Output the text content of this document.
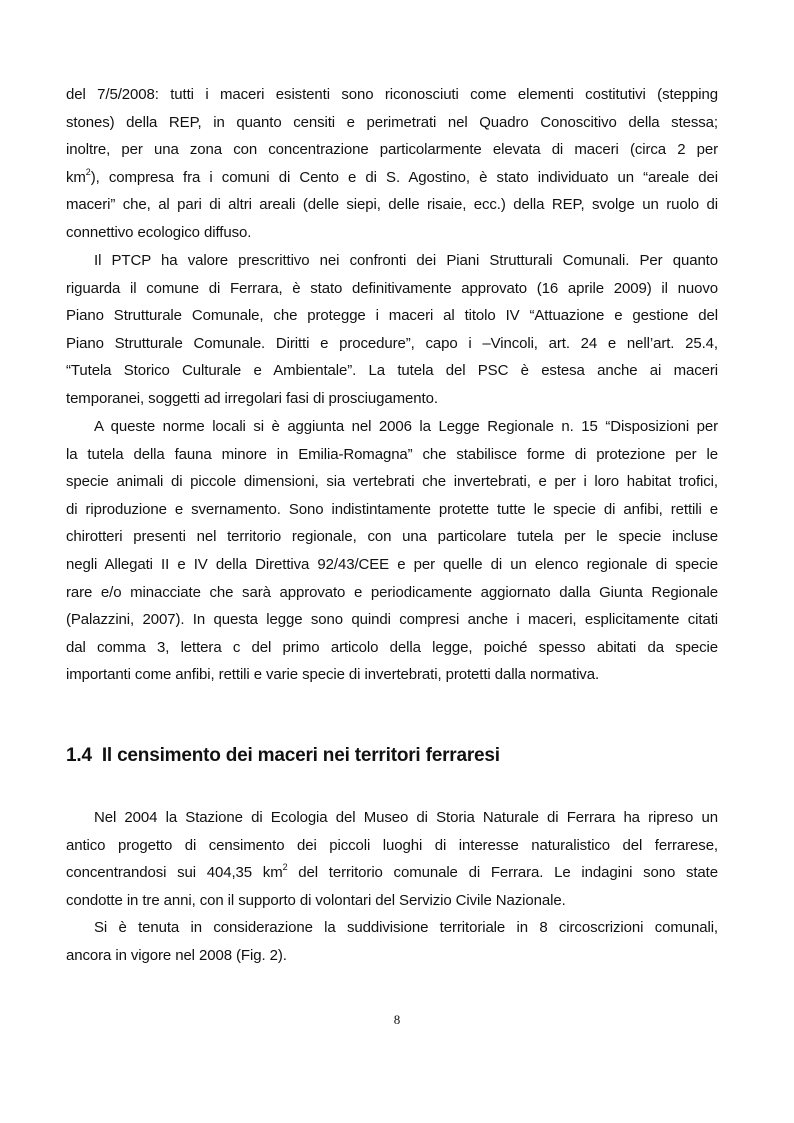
del 7/5/2008: tutti i maceri esistenti sono riconosciuti come elementi costitutivi (stepping
stones) della REP, in quanto censiti e perimetrati nel Quadro Conoscitivo della stessa;
inoltre, per una zona con concentrazione particolarmente elevata di maceri (circa 2 per
$km^2$), compresa fra i comuni di Cento e di S. Agostino, è stato individuato un “areale dei
maceri” che, al pari di altri areali (delle siepi, delle risaie, ecc.) della REP, svolge un ruolo di
connettivo ecologico diffuso.

Il PTCP ha valore prescrittivo nei confronti dei Piani Strutturali Comunali. Per quanto
riguarda il comune di Ferrara, è stato definitivamente approvato (16 aprile 2009) il nuovo
Piano Strutturale Comunale, che protegge i maceri al titolo IV “Attuazione e gestione del
Piano Strutturale Comunale. Diritti e procedure”, capo i –Vincoli, art. 24 e nell’art. 25.4,
“Tutela Storico Culturale e Ambientale”. La tutela del PSC è estesa anche ai maceri
temporanei, soggetti ad irregolari fasi di prosciugamento.

A queste norme locali si è aggiunta nel 2006 la Legge Regionale n. 15 “Disposizioni per
la tutela della fauna minore in Emilia-Romagna” che stabilisce forme di protezione per le
specie animali di piccole dimensioni, sia vertebrati che invertebrati, e per i loro habitat trofici,
di riproduzione e svernamento. Sono indistintamente protette tutte le specie di anfibi, rettili e
chirotteri presenti nel territorio regionale, con una particolare tutela per le specie incluse
negli Allegati II e IV della Direttiva 92/43/CEE e per quelle di un elenco regionale di specie
rare e/o minacciate che sarà approvato e periodicamente aggiornato dalla Giunta Regionale
(Palazzini, 2007). In questa legge sono quindi compresi anche i maceri, esplicitamente citati
dal comma 3, lettera c del primo articolo della legge, poiché spesso abitati da specie
importanti come anfibi, rettili e varie specie di invertebrati, protetti dalla normativa.

1.4 Il censimento dei maceri nei territori ferraresi

Nel 2004 la Stazione di Ecologia del Museo di Storia Naturale di Ferrara ha ripreso un
antico progetto di censimento dei piccoli luoghi di interesse naturalistico del ferrarese,
concentrandosi sui 404,35 $km^2$ del territorio comunale di Ferrara. Le indagini sono state
condotte in tre anni, con il supporto di volontari del Servizio Civile Nazionale.

Si è tenuta in considerazione la suddivisione territoriale in 8 circoscrizioni comunali,
ancora in vigore nel 2008 (Fig. 2).

8
